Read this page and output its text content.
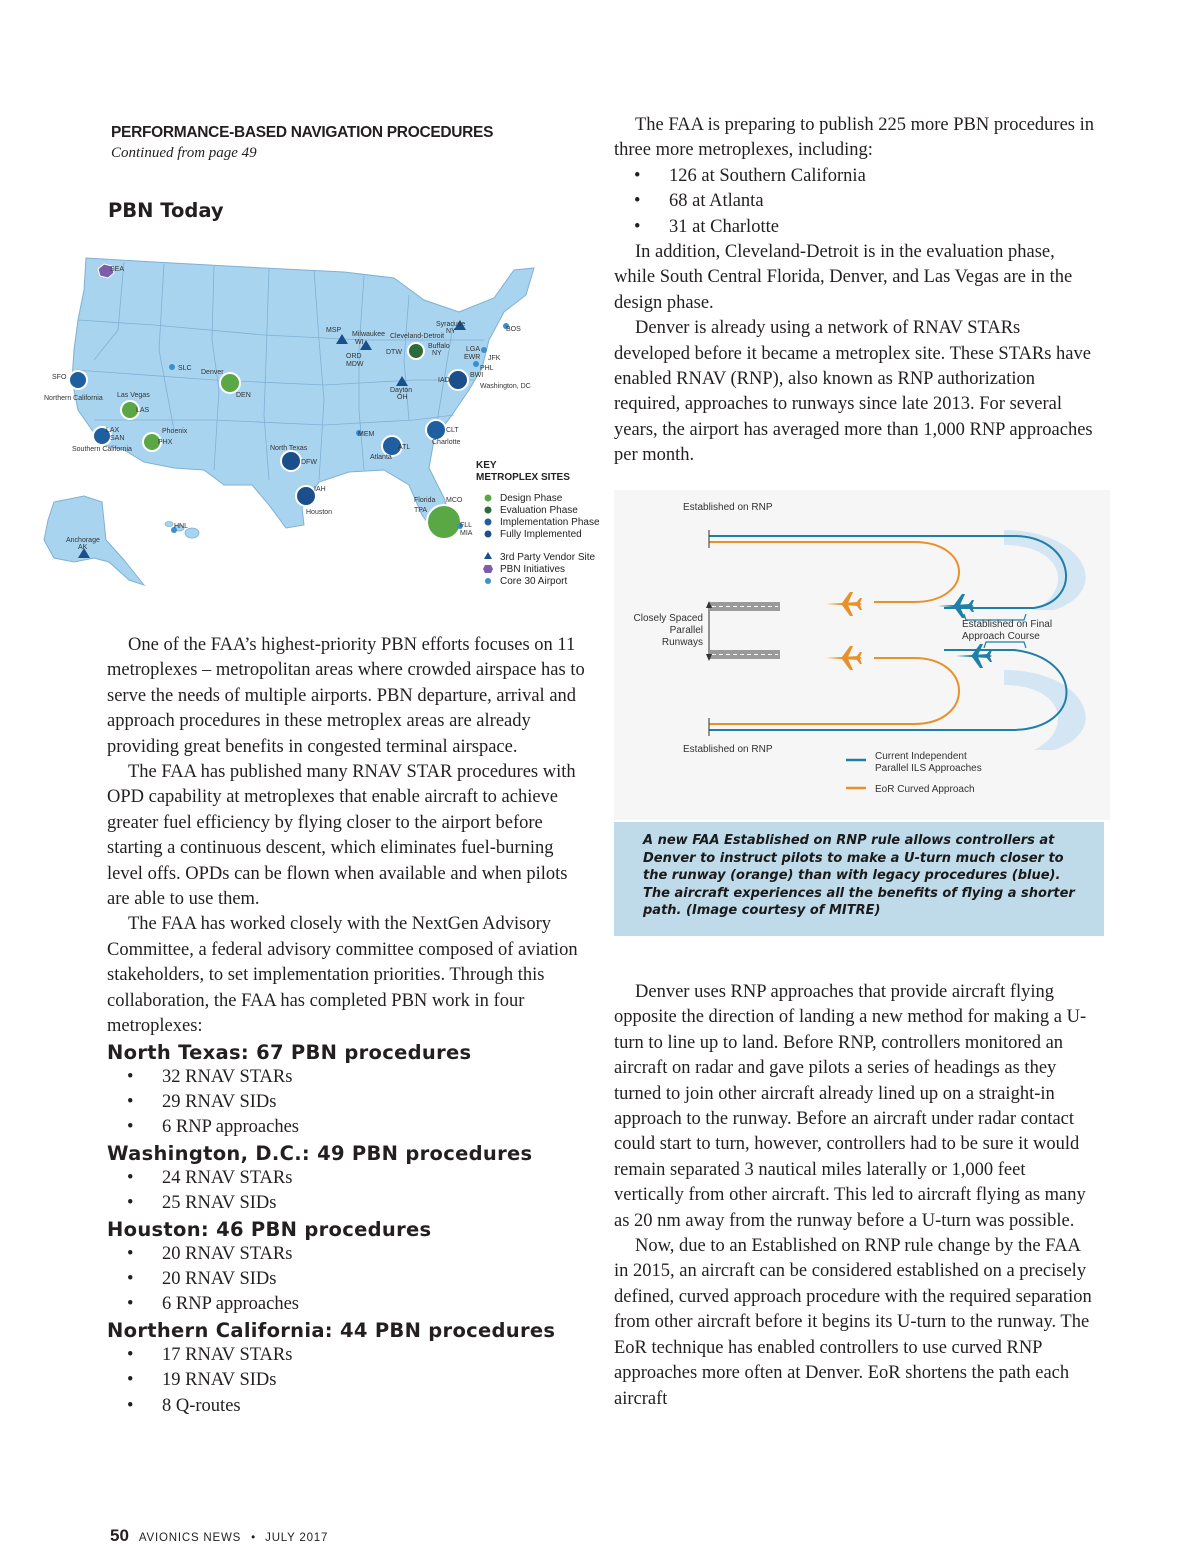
PERFORMANCE-BASED NAVIGATION PROCEDURES
Continued from page 49
PBN Today
SEA
SFO
Northern California Las Vegas
LAS
LAX
SAN
Southern California
Phoenix
PHX
SLC
Denver
DEN
MSP
Milwaukee
WI
ORD
MDW
Cleveland-Detroit
DTW
Syracuse
NY
Buffalo
NY
BOS
LGA
EWR JFK
PHL
BWI
IAD
Washington, DC
Dayton
OH
CLT
Charlotte
MEM
ATL
Atlanta
North Texas
DFW
IAH
Houston
Florida
TPA
MCO
FLL
MIA
HNL
Anchorage
AK
KEY
METROPLEX SITES
Design Phase
Evaluation Phase
Implementation Phase
Fully Implemented
3rd Party Vendor Site
PBN Initiatives
Core 30 Airport

One of the FAA’s highest-priority PBN efforts focuses on 11 metroplexes – metropolitan areas where crowded airspace has to serve the needs of multiple airports. PBN departure, arrival and approach procedures in these metroplex areas are already providing great benefits in congested terminal airspace.

The FAA has published many RNAV STAR procedures with OPD capability at metroplexes that enable aircraft to achieve greater fuel efficiency by flying closer to the airport before starting a continuous descent, which eliminates fuel-burning level offs. OPDs can be flown when available and when pilots are able to use them.

The FAA has worked closely with the NextGen Advisory Committee, a federal advisory committee composed of aviation stakeholders, to set implementation priorities. Through this collaboration, the FAA has completed PBN work in four metroplexes:

North Texas: 67 PBN procedures
• 32 RNAV STARs
• 29 RNAV SIDs
• 6 RNP approaches
Washington, D.C.: 49 PBN procedures
• 24 RNAV STARs
• 25 RNAV SIDs
Houston: 46 PBN procedures
• 20 RNAV STARs
• 20 RNAV SIDs
• 6 RNP approaches
Northern California: 44 PBN procedures
• 17 RNAV STARs
• 19 RNAV SIDs
• 8 Q-routes

The FAA is preparing to publish 225 more PBN procedures in three more metroplexes, including:

• 126 at Southern California
• 68 at Atlanta
• 31 at Charlotte

In addition, Cleveland-Detroit is in the evaluation phase, while South Central Florida, Denver, and Las Vegas are in the design phase.

Denver is already using a network of RNAV STARs developed before it became a metroplex site. These STARs have enabled RNAV (RNP), also known as RNP authorization required, approaches to runways since late 2013. For several years, the airport has averaged more than 1,000 RNP approaches per month.

Established on RNP
Established on RNP
Closely Spaced
Parallel
Runways
Established on Final
Approach Course
Current Independent
Parallel ILS Approaches
EoR Curved Approach
A new FAA Established on RNP rule allows controllers at Denver to instruct pilots to make a U-turn much closer to the runway (orange) than with legacy procedures (blue). The aircraft experiences all the benefits of flying a shorter path. (Image courtesy of MITRE)

Denver uses RNP approaches that provide aircraft flying opposite the direction of landing a new method for making a U-turn to line up to land. Before RNP, controllers monitored an aircraft on radar and gave pilots a series of headings as they turned to join other aircraft already lined up on a straight-in approach to the runway. Before an aircraft under radar contact could start to turn, however, controllers had to be sure it would remain separated 3 nautical miles laterally or 1,000 feet vertically from other aircraft. This led to aircraft flying as many as 20 nm away from the runway before a U-turn was possible.

Now, due to an Established on RNP rule change by the FAA in 2015, an aircraft can be considered established on a precisely defined, curved approach procedure with the required separation from other aircraft before it begins its U-turn to the runway. The EoR technique has enabled controllers to use curved RNP approaches more often at Denver. EoR shortens the path each aircraft

50 AVIONICS NEWS • JULY 2017
